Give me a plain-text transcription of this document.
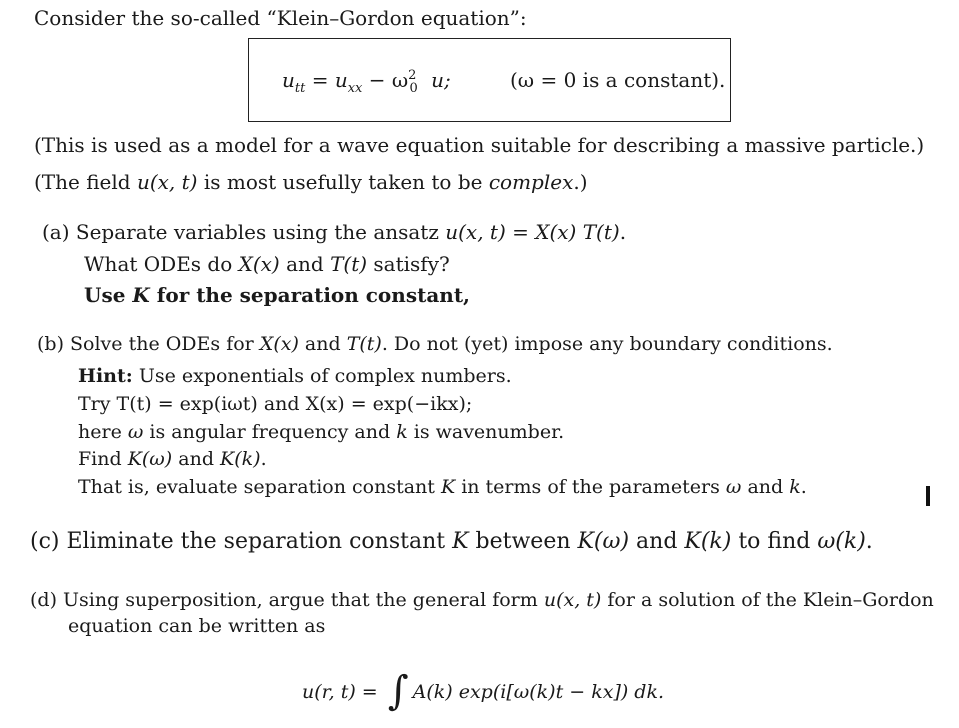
Consider the so-called “Klein–Gordon equation”:
$u_{tt} = u_{xx} - \omega^2_0$ u;	(ω = 0 is a constant).
(This is used as a model for a wave equation suitable for describing a massive particle.)
(The field u(x, t) is most usefully taken to be complex.)
(a) Separate variables using the ansatz u(x, t) = X(x) T(t).
What ODEs do X(x) and T(t) satisfy?
Use K for the separation constant,
(b) Solve the ODEs for X(x) and T(t). Do not (yet) impose any boundary conditions.
Hint: Use exponentials of complex numbers.
Try T(t) = exp(iωt) and X(x) = exp(−ikx);
here ω is angular frequency and k is wavenumber.
Find K(ω) and K(k).
That is, evaluate separation constant K in terms of the parameters ω and k.
(c) Eliminate the separation constant K between K(ω) and K(k) to find ω(k).
(d) Using superposition, argue that the general form u(x, t) for a solution of the Klein–Gordon
equation can be written as
u(r, t) = ∫ A(k) exp(i[ω(k)t − kx]) dk.
